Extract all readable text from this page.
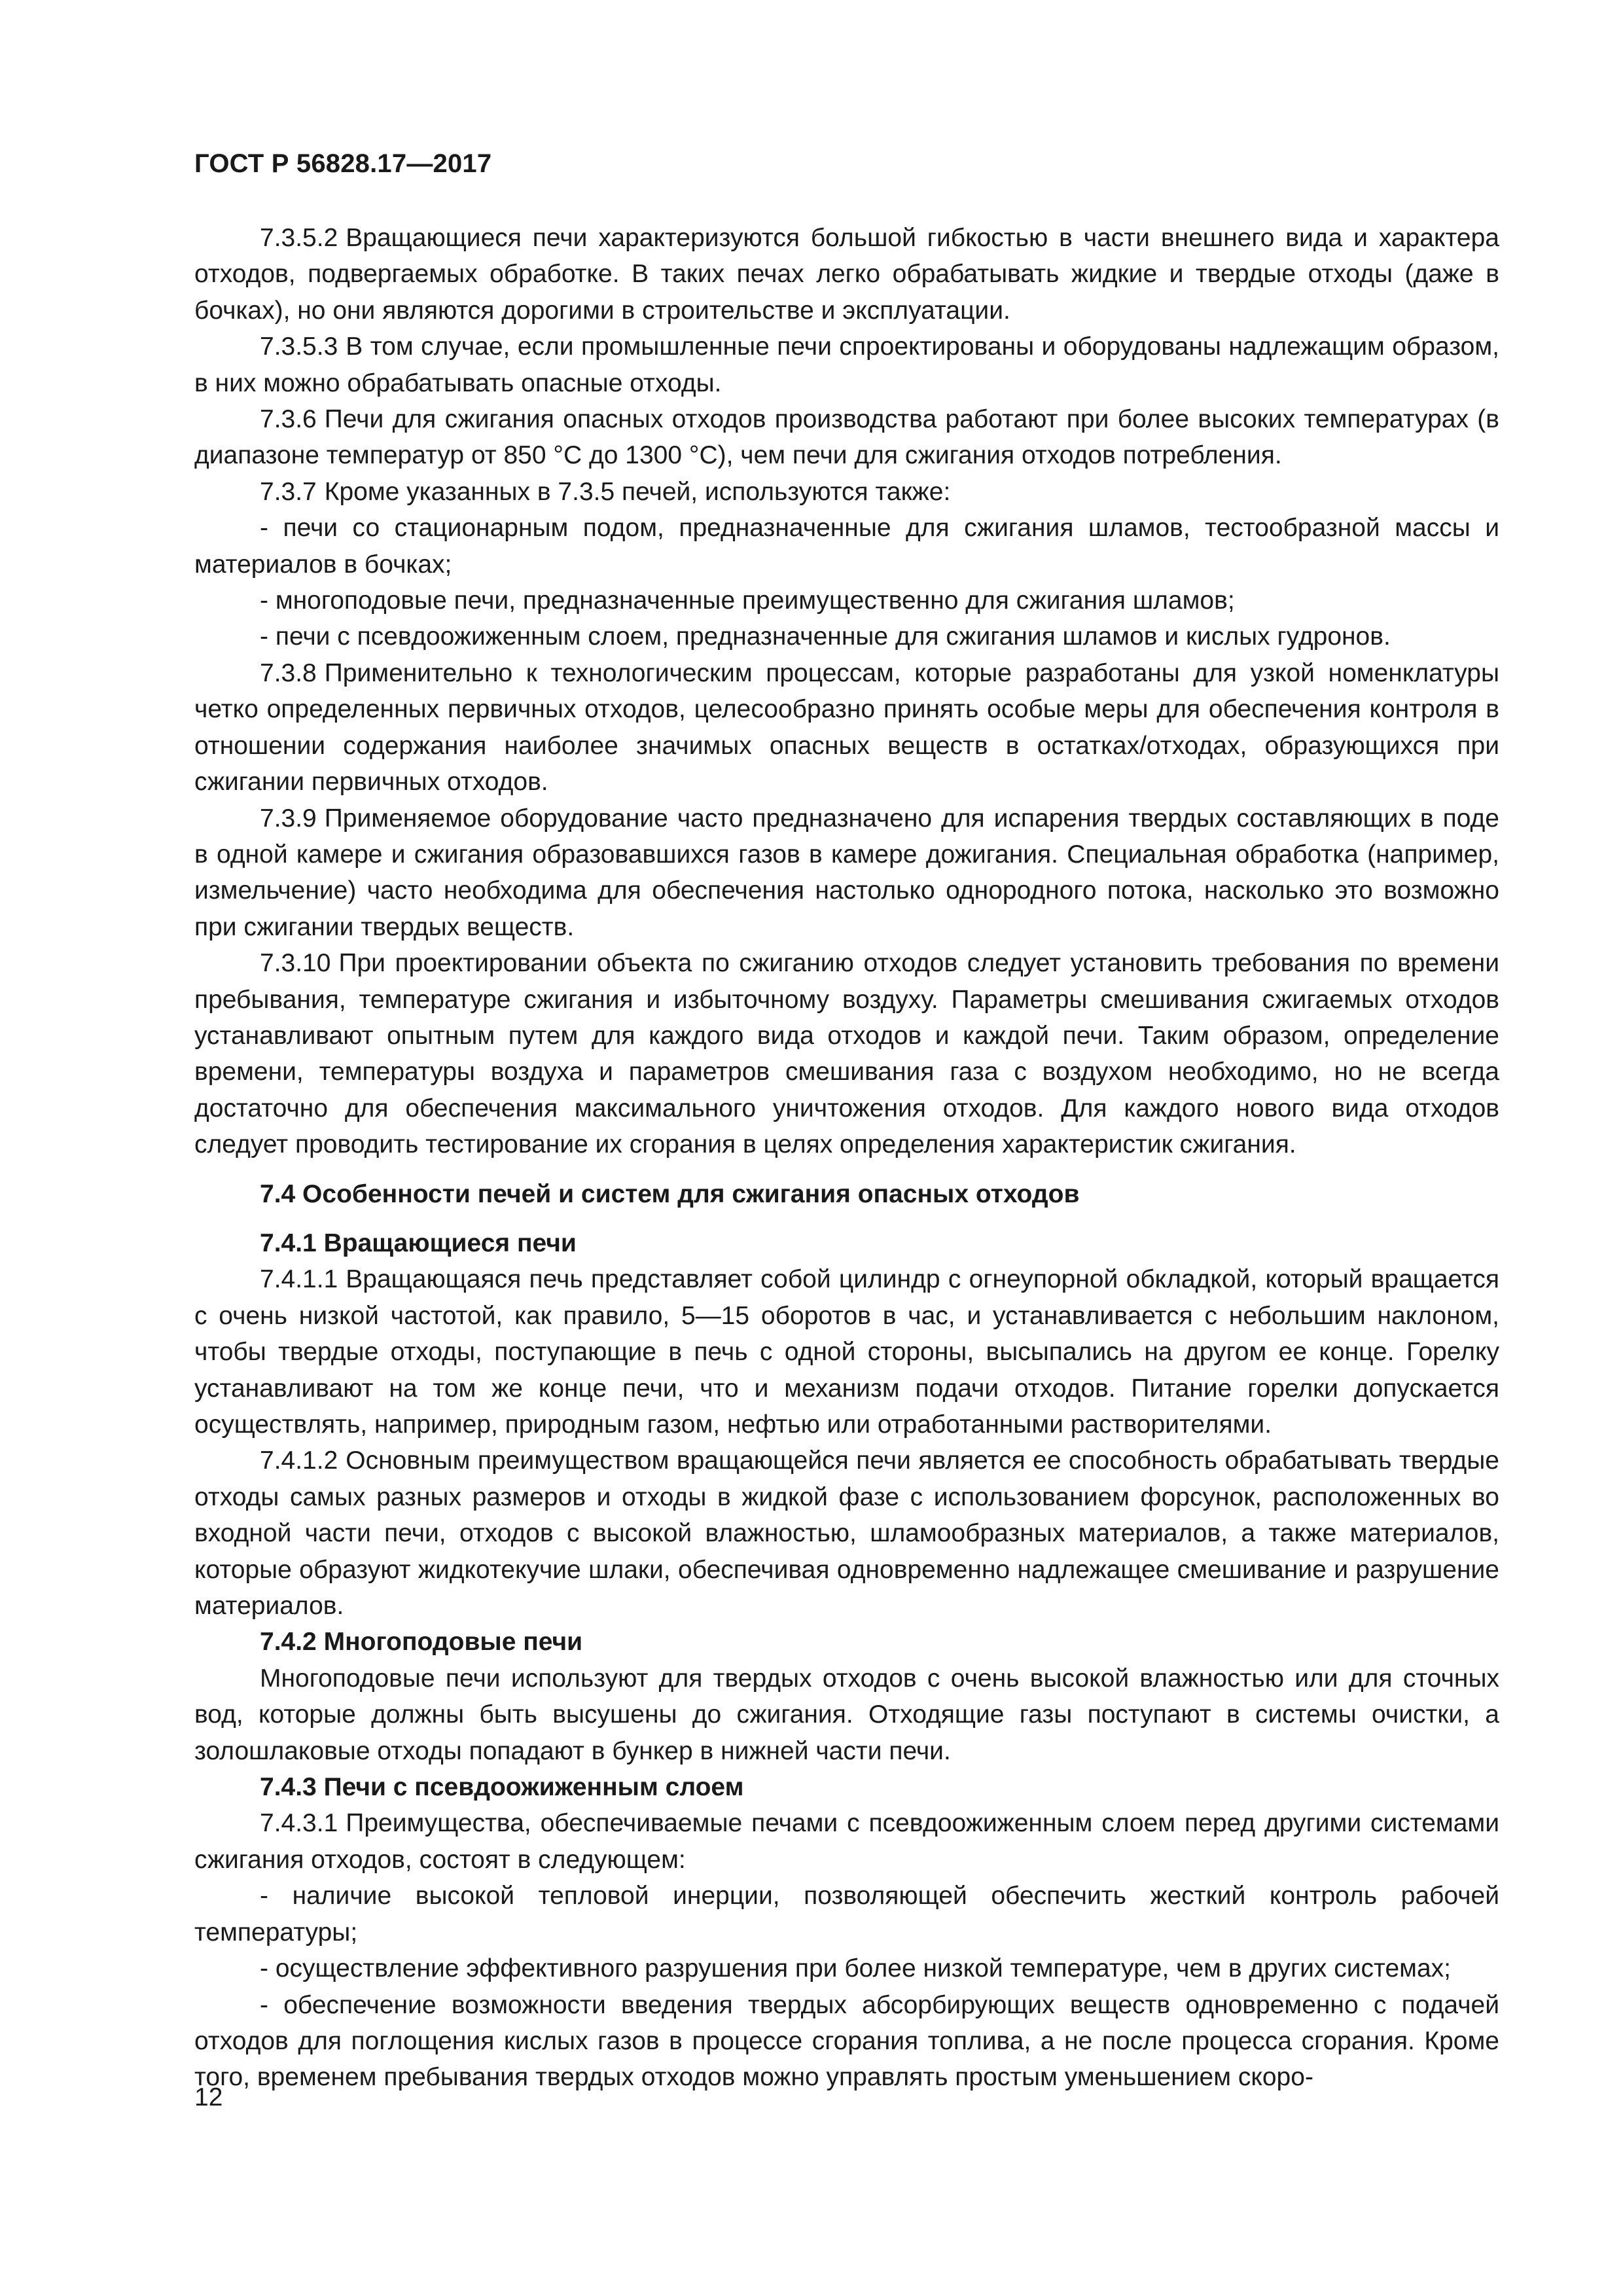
ГОСТ Р 56828.17—2017

7.3.5.2 Вращающиеся печи характеризуются большой гибкостью в части внешнего вида и характера отходов, подвергаемых обработке. В таких печах легко обрабатывать жидкие и твердые отходы (даже в бочках), но они являются дорогими в строительстве и эксплуатации.

7.3.5.3 В том случае, если промышленные печи спроектированы и оборудованы надлежащим образом, в них можно обрабатывать опасные отходы.

7.3.6 Печи для сжигания опасных отходов производства работают при более высоких температурах (в диапазоне температур от 850 °С до 1300 °С), чем печи для сжигания отходов потребления.

7.3.7 Кроме указанных в 7.3.5 печей, используются также:

- печи со стационарным подом, предназначенные для сжигания шламов, тестообразной массы и материалов в бочках;

- многоподовые печи, предназначенные преимущественно для сжигания шламов;

- печи с псевдоожиженным слоем, предназначенные для сжигания шламов и кислых гудронов.

7.3.8 Применительно к технологическим процессам, которые разработаны для узкой номенклатуры четко определенных первичных отходов, целесообразно принять особые меры для обеспечения контроля в отношении содержания наиболее значимых опасных веществ в остатках/отходах, образующихся при сжигании первичных отходов.

7.3.9 Применяемое оборудование часто предназначено для испарения твердых составляющих в поде в одной камере и сжигания образовавшихся газов в камере дожигания. Специальная обработка (например, измельчение) часто необходима для обеспечения настолько однородного потока, насколько это возможно при сжигании твердых веществ.

7.3.10 При проектировании объекта по сжиганию отходов следует установить требования по времени пребывания, температуре сжигания и избыточному воздуху. Параметры смешивания сжигаемых отходов устанавливают опытным путем для каждого вида отходов и каждой печи. Таким образом, определение времени, температуры воздуха и параметров смешивания газа с воздухом необходимо, но не всегда достаточно для обеспечения максимального уничтожения отходов. Для каждого нового вида отходов следует проводить тестирование их сгорания в целях определения характеристик сжигания.

7.4 Особенности печей и систем для сжигания опасных отходов

7.4.1 Вращающиеся печи

7.4.1.1 Вращающаяся печь представляет собой цилиндр с огнеупорной обкладкой, который вращается с очень низкой частотой, как правило, 5—15 оборотов в час, и устанавливается с небольшим наклоном, чтобы твердые отходы, поступающие в печь с одной стороны, высыпались на другом ее конце. Горелку устанавливают на том же конце печи, что и механизм подачи отходов. Питание горелки допускается осуществлять, например, природным газом, нефтью или отработанными растворителями.

7.4.1.2 Основным преимуществом вращающейся печи является ее способность обрабатывать твердые отходы самых разных размеров и отходы в жидкой фазе с использованием форсунок, расположенных во входной части печи, отходов с высокой влажностью, шламообразных материалов, а также материалов, которые образуют жидкотекучие шлаки, обеспечивая одновременно надлежащее смешивание и разрушение материалов.

7.4.2 Многоподовые печи

Многоподовые печи используют для твердых отходов с очень высокой влажностью или для сточных вод, которые должны быть высушены до сжигания. Отходящие газы поступают в системы очистки, а золошлаковые отходы попадают в бункер в нижней части печи.

7.4.3 Печи с псевдоожиженным слоем

7.4.3.1 Преимущества, обеспечиваемые печами с псевдоожиженным слоем перед другими системами сжигания отходов, состоят в следующем:

- наличие высокой тепловой инерции, позволяющей обеспечить жесткий контроль рабочей температуры;

- осуществление эффективного разрушения при более низкой температуре, чем в других системах;

- обеспечение возможности введения твердых абсорбирующих веществ одновременно с подачей отходов для поглощения кислых газов в процессе сгорания топлива, а не после процесса сгорания. Кроме того, временем пребывания твердых отходов можно управлять простым уменьшением скоро-

12
